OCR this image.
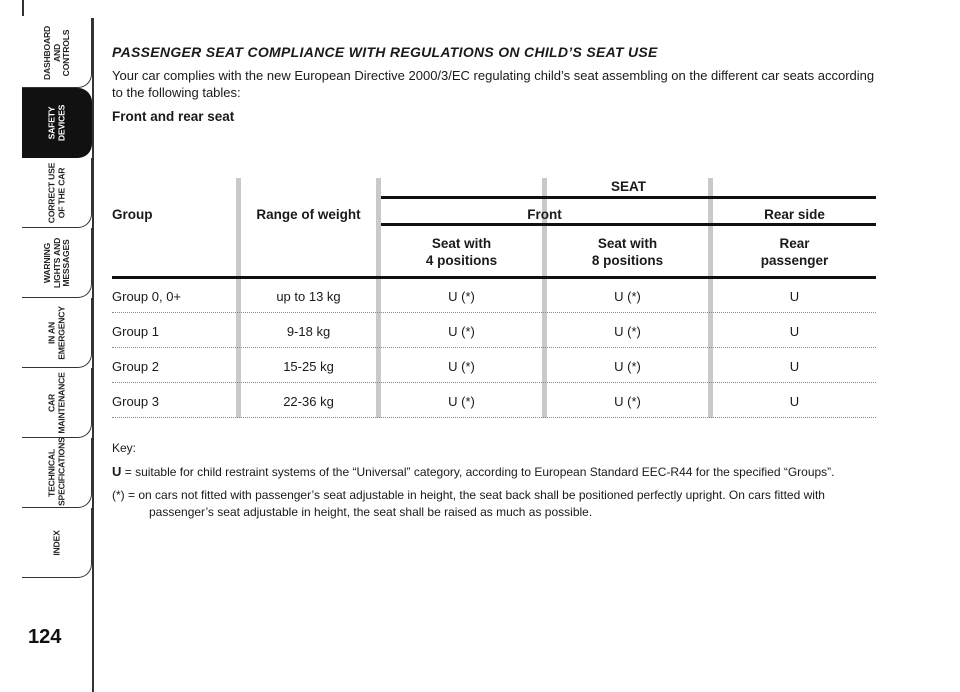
DASHBOARD
AND
CONTROLS
SAFETY
DEVICES
CORRECT USE
OF THE CAR
WARNING
LIGHTS AND
MESSAGES
IN AN
EMERGENCY
CAR
MAINTENANCE
TECHNICAL
SPECIFICATIONS
INDEX
124
PASSENGER SEAT COMPLIANCE WITH REGULATIONS ON CHILD’S SEAT USE

Your car complies with the new European Directive 2000/3/EC regulating child’s seat assembling on the different car seats according to the following tables:

Front and rear seat

SEAT
Group	Range of weight	Front	Rear side
Seat with
4 positions
Seat with
8 positions
Rear
passenger
Group 0, 0+	up to 13 kg	U (*)	U (*)	U
Group 1	9-18 kg	U (*)	U (*)	U
Group 2	15-25 kg	U (*)	U (*)	U
Group 3	22-36 kg	U (*)	U (*)	U

Key:

U = suitable for child restraint systems of the “Universal” category, according to European Standard EEC-R44 for the specified “Groups”.

(*) = on cars not fitted with passenger’s seat adjustable in height, the seat back shall be positioned perfectly upright. On cars fitted with passenger’s seat adjustable in height, the seat shall be raised as much as possible.
